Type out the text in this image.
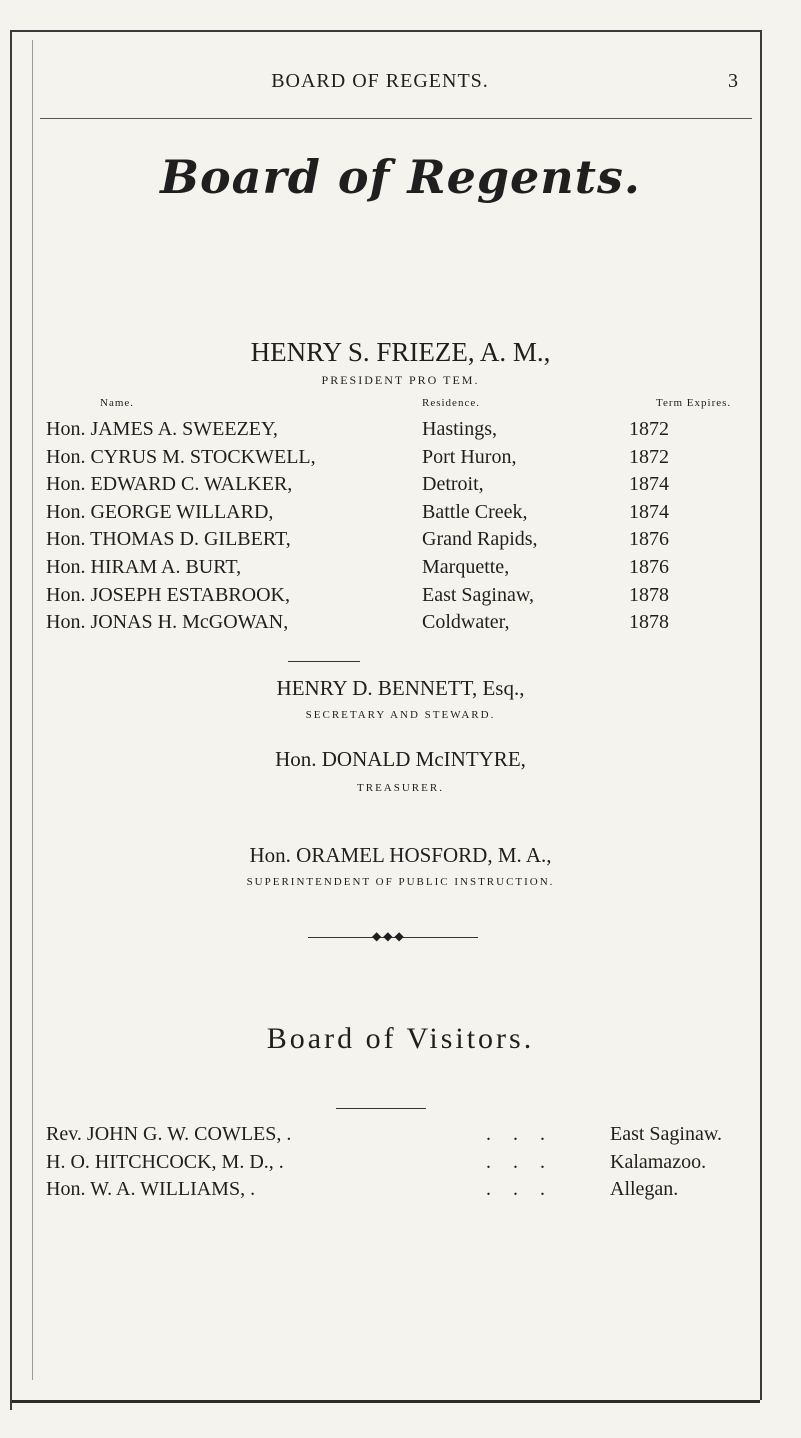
BOARD OF REGENTS.	3
Board of Regents.
HENRY S. FRIEZE, A. M.,
PRESIDENT PRO TEM.
Name.	Residence.	Term Expires.
Hon. JAMES A. SWEEZEY,	Hastings,	1872
Hon. CYRUS M. STOCKWELL,	Port Huron,	1872
Hon. EDWARD C. WALKER,	Detroit,	1874
Hon. GEORGE WILLARD,	Battle Creek,	1874
Hon. THOMAS D. GILBERT,	Grand Rapids,	1876
Hon. HIRAM A. BURT,	Marquette,	1876
Hon. JOSEPH ESTABROOK,	East Saginaw,	1878
Hon. JONAS H. McGOWAN,	Coldwater,	1878
HENRY D. BENNETT, Esq.,
SECRETARY AND STEWARD.
Hon. DONALD McINTYRE,
TREASURER.
Hon. ORAMEL HOSFORD, M. A.,
SUPERINTENDENT OF PUBLIC INSTRUCTION.
◆◆◆
Board of Visitors.
Rev. JOHN G. W. COWLES, .	... East Saginaw.
H. O. HITCHCOCK, M. D., .	... Kalamazoo.
Hon. W. A. WILLIAMS, .	... Allegan.
